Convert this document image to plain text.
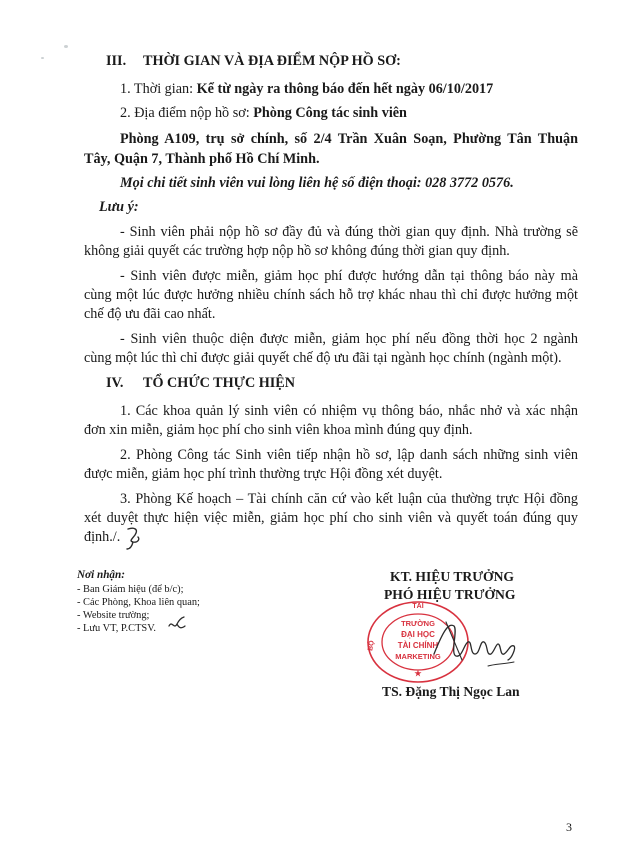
III. THỜI GIAN VÀ ĐỊA ĐIỂM NỘP HỒ SƠ:
1. Thời gian: Kể từ ngày ra thông báo đến hết ngày 06/10/2017
2. Địa điểm nộp hồ sơ: Phòng Công tác sinh viên
Phòng A109, trụ sở chính, số 2/4 Trần Xuân Soạn, Phường Tân Thuận
Tây, Quận 7, Thành phố Hồ Chí Minh.
Mọi chi tiết sinh viên vui lòng liên hệ số điện thoại: 028 3772 0576.
Lưu ý:
- Sinh viên phải nộp hồ sơ đầy đủ và đúng thời gian quy định. Nhà trường sẽ
không giải quyết các trường hợp nộp hồ sơ không đúng thời gian quy định.
- Sinh viên được miễn, giảm học phí được hướng dẫn tại thông báo này mà
cùng một lúc được hưởng nhiều chính sách hỗ trợ khác nhau thì chỉ được hưởng một
chế độ ưu đãi cao nhất.
- Sinh viên thuộc diện được miễn, giảm học phí nếu đồng thời học 2 ngành
cùng một lúc thì chỉ được giải quyết chế độ ưu đãi tại ngành học chính (ngành một).
IV. TỔ CHỨC THỰC HIỆN
1. Các khoa quản lý sinh viên có nhiệm vụ thông báo, nhắc nhở và xác nhận
đơn xin miễn, giảm học phí cho sinh viên khoa mình đúng quy định.
2. Phòng Công tác Sinh viên tiếp nhận hồ sơ, lập danh sách những sinh viên
được miễn, giảm học phí trình thường trực Hội đồng xét duyệt.
3. Phòng Kế hoạch – Tài chính căn cứ vào kết luận của thường trực Hội đồng
xét duyệt thực hiện việc miễn, giảm học phí cho sinh viên và quyết toán đúng quy
định./.
Nơi nhận:
- Ban Giám hiệu (để b/c);
- Các Phòng, Khoa liên quan;
- Website trường;
- Lưu VT, P.CTSV.
KT. HIỆU TRƯỞNG
PHÓ HIỆU TRƯỞNG
TÀI
BỘ
TRƯỜNG
ĐẠI HỌC
TÀI CHÍNH
MARKETING
★
TS. Đặng Thị Ngọc Lan
3
